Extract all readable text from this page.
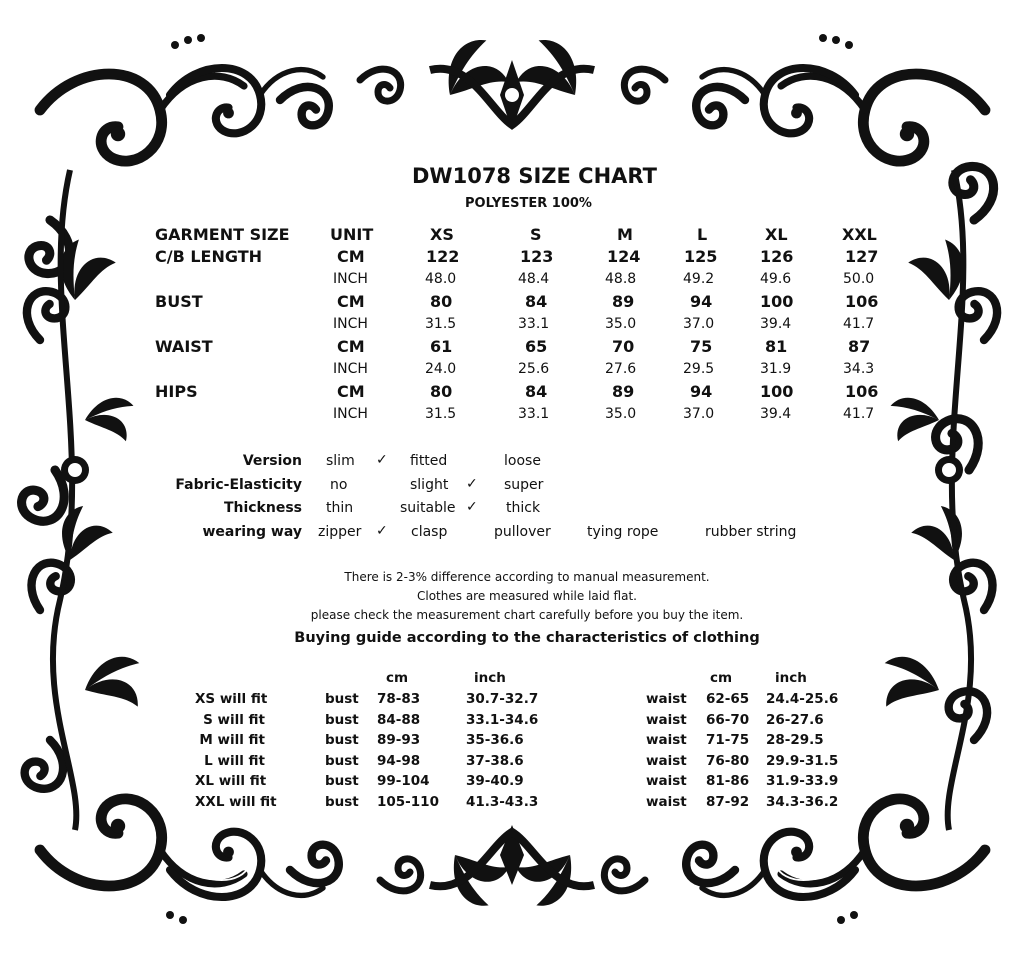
DW1078 SIZE CHART
POLYESTER 100%
GARMENT SIZE	UNIT	XS	S	M	L	XL	XXL
C/B LENGTH	CM	122	123	124	125	126	127
INCH	48.0	48.4	48.8	49.2	49.6	50.0
BUST	CM	80	84	89	94	100	106
INCH	31.5	33.1	35.0	37.0	39.4	41.7
WAIST	CM	61	65	70	75	81	87
INCH	24.0	25.6	27.6	29.5	31.9	34.3
HIPS	CM	80	84	89	94	100	106
INCH	31.5	33.1	35.0	37.0	39.4	41.7
Version slim ✓ fitted	loose
Fabric-Elasticity no	slight ✓ super
Thickness thin	suitable ✓ thick
wearing way zipper ✓ clasp	pullover	tying rope	rubber string
There is 2-3% difference according to manual measurement.
Clothes are measured while laid flat.
please check the measurement chart carefully before you buy the item.
Buying guide according to the characteristics of clothing
cm	inch	cm	inch
XS will fit	bust 78-83	30.7-32.7	waist 62-65 24.4-25.6
S will fit	bust 84-88	33.1-34.6	waist 66-70 26-27.6
M will fit	bust 89-93	35-36.6	waist 71-75 28-29.5
L will fit	bust 94-98	37-38.6	waist 76-80 29.9-31.5
XL will fit	bust 99-104	39-40.9	waist 81-86 31.9-33.9
XXL will fit	bust 105-110 41.3-43.3	waist 87-92 34.3-36.2
